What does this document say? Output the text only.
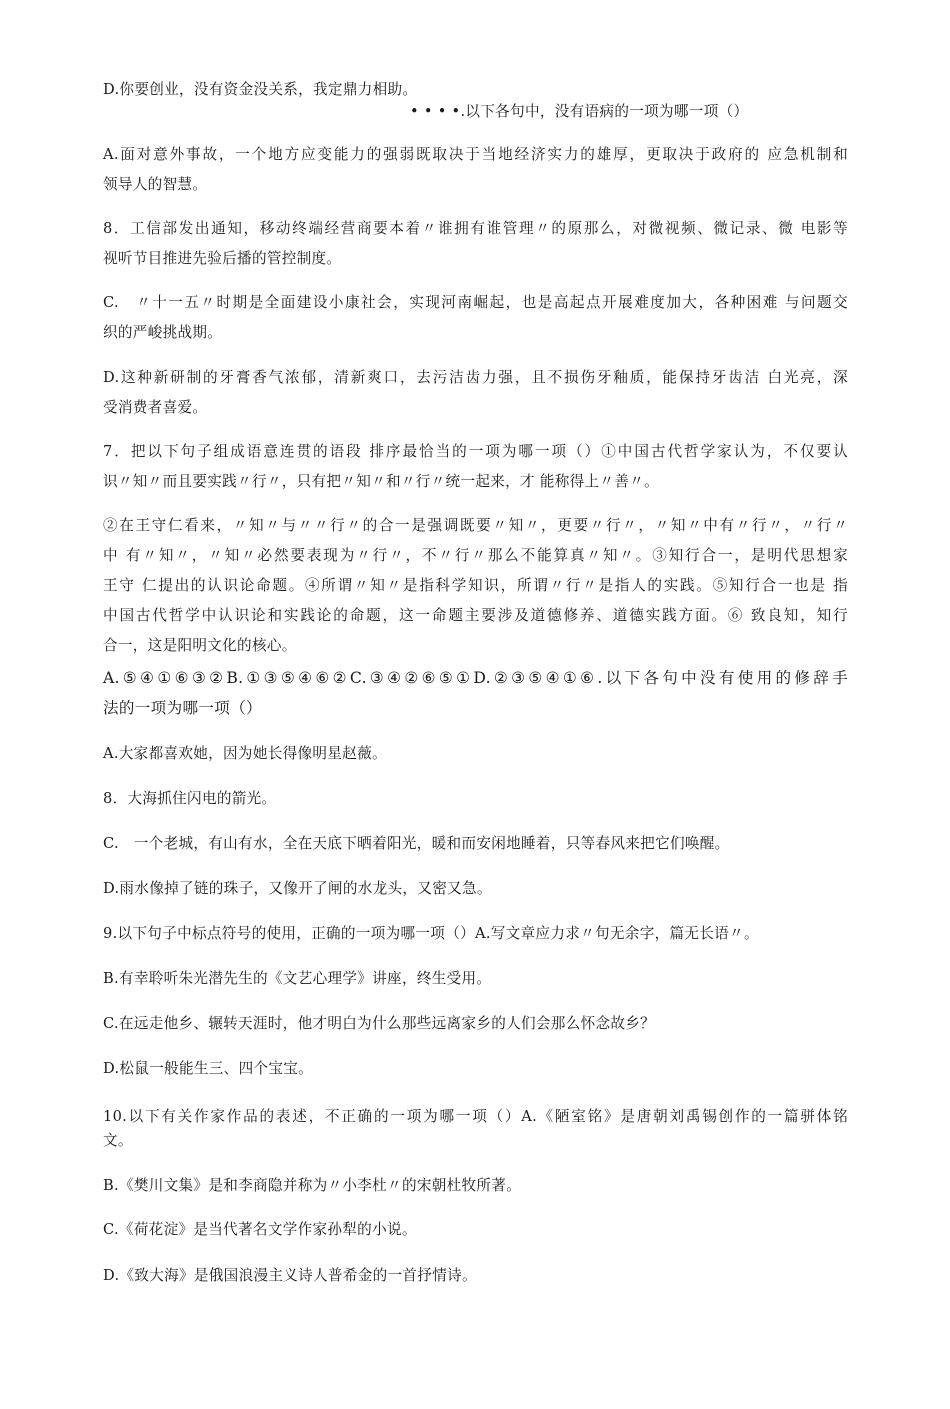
D.你要创业，没有资金没关系，我定鼎力相助。

• • • •.以下各句中，没有语病的一项为哪一项（）

A.面对意外事故，一个地方应变能力的强弱既取决于当地经济实力的雄厚，更取决于政府的 应急机制和
领导人的智慧。

8．工信部发出通知，移动终端经营商要本着〃谁拥有谁管理〃的原那么，对微视频、微记录、微 电影等
视听节目推进先验后播的管控制度。

C.　〃十一五〃时期是全面建设小康社会，实现河南崛起，也是高起点开展难度加大，各种困难 与问题交
织的严峻挑战期。

D.这种新研制的牙膏香气浓郁，清新爽口，去污洁齿力强，且不损伤牙釉质，能保持牙齿洁 白光亮，深
受消费者喜爱。

7．把以下句子组成语意连贯的语段 排序最恰当的一项为哪一项（）①中国古代哲学家认为，不仅要认
识〃知〃而且要实践〃行〃，只有把〃知〃和〃行〃统一起来，才 能称得上〃善〃。

②在王守仁看来，〃知〃与〃〃行〃的合一是强调既要〃知〃，更要〃行〃，〃知〃中有〃行〃，〃行〃
中 有〃知〃，〃知〃必然要表现为〃行〃，不〃行〃那么不能算真〃知〃。③知行合一，是明代思想家
王守 仁提出的认识论命题。④所谓〃知〃是指科学知识，所谓〃行〃是指人的实践。⑤知行合一也是 指
中国古代哲学中认识论和实践论的命题，这一命题主要涉及道德修养、道德实践方面。⑥ 致良知，知行
合一，这是阳明文化的核心。

A.⑤④①⑥③②B.①③⑤④⑥②C.③④②⑥⑤①D.②③⑤④①⑥.以下各句中没有使用的修辞手
法的一项为哪一项（）

A.大家都喜欢她，因为她长得像明星赵薇。

8．大海抓住闪电的箭光。

C.　一个老城，有山有水，全在天底下晒着阳光，暖和而安闲地睡着，只等春风来把它们唤醒。

D.雨水像掉了链的珠子，又像开了闸的水龙头，又密又急。

9.以下句子中标点符号的使用，正确的一项为哪一项（）A.写文章应力求〃句无余字，篇无长语〃。

B.有幸聆听朱光潜先生的《文艺心理学》讲座，终生受用。

C.在远走他乡、辗转天涯时，他才明白为什么那些远离家乡的人们会那么怀念故乡？

D.松鼠一般能生三、四个宝宝。

10.以下有关作家作品的表述，不正确的一项为哪一项（）A.《陋室铭》是唐朝刘禹锡创作的一篇骈体铭
文。

B.《樊川文集》是和李商隐并称为〃小李杜〃的宋朝杜牧所著。

C.《荷花淀》是当代著名文学作家孙犁的小说。

D.《致大海》是俄国浪漫主义诗人普希金的一首抒情诗。
